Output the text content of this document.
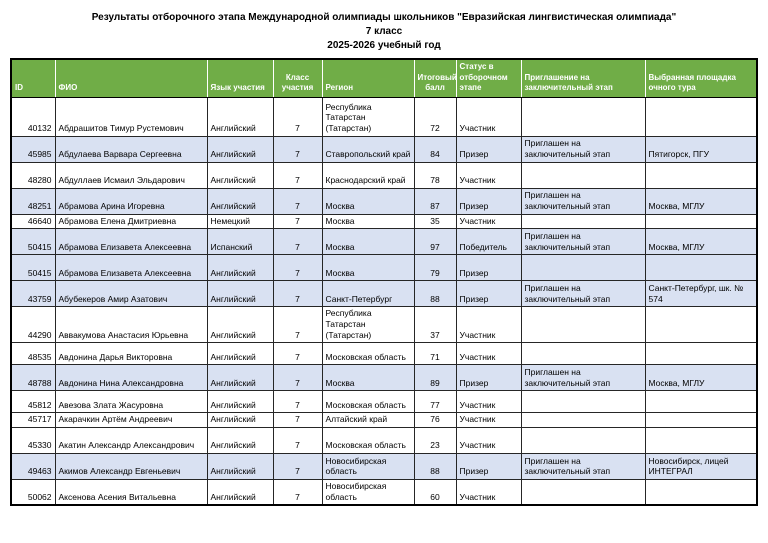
Результаты отборочного этапа Международной олимпиады школьников "Евразийская лингвистическая олимпиада"
7 класс
2025-2026 учебный год
ID	ФИО	Язык участия	Класс участия	Регион	Итоговый балл	Статус в отборочном этапе	Приглашение на заключительный этап	Выбранная площадка очного тура
40132	Абдрашитов Тимур Рустемович	Английский	7	Республика Татарстан (Татарстан)	72	Участник		
45985	Абдулаева Варвара Сергеевна	Английский	7	Ставропольский край	84	Призер	Приглашен на заключительный этап	Пятигорск, ПГУ
48280	Абдуллаев Исмаил Эльдарович	Английский	7	Краснодарский край	78	Участник		
48251	Абрамова Арина Игоревна	Английский	7	Москва	87	Призер	Приглашен на заключительный этап	Москва, МГЛУ
46640	Абрамова Елена Дмитриевна	Немецкий	7	Москва	35	Участник		
50415	Абрамова Елизавета Алексеевна	Испанский	7	Москва	97	Победитель	Приглашен на заключительный этап	Москва, МГЛУ
50415	Абрамова Елизавета Алексеевна	Английский	7	Москва	79	Призер		
43759	Абубекеров Амир Азатович	Английский	7	Санкт-Петербург	88	Призер	Приглашен на заключительный этап	Санкт-Петербург, шк. № 574
44290	Аввакумова Анастасия Юрьевна	Английский	7	Республика Татарстан (Татарстан)	37	Участник		
48535	Авдонина Дарья Викторовна	Английский	7	Московская область	71	Участник		
48788	Авдонина Нина Александровна	Английский	7	Москва	89	Призер	Приглашен на заключительный этап	Москва, МГЛУ
45812	Авезова Злата Жасуровна	Английский	7	Московская область	77	Участник		
45717	Акарачкин Артём Андреевич	Английский	7	Алтайский край	76	Участник		
45330	Акатин Александр Александрович	Английский	7	Московская область	23	Участник		
49463	Акимов Александр Евгеньевич	Английский	7	Новосибирская область	88	Призер	Приглашен на заключительный этап	Новосибирск, лицей ИНТЕГРАЛ
50062	Аксенова Асения Витальевна	Английский	7	Новосибирская область	60	Участник		
